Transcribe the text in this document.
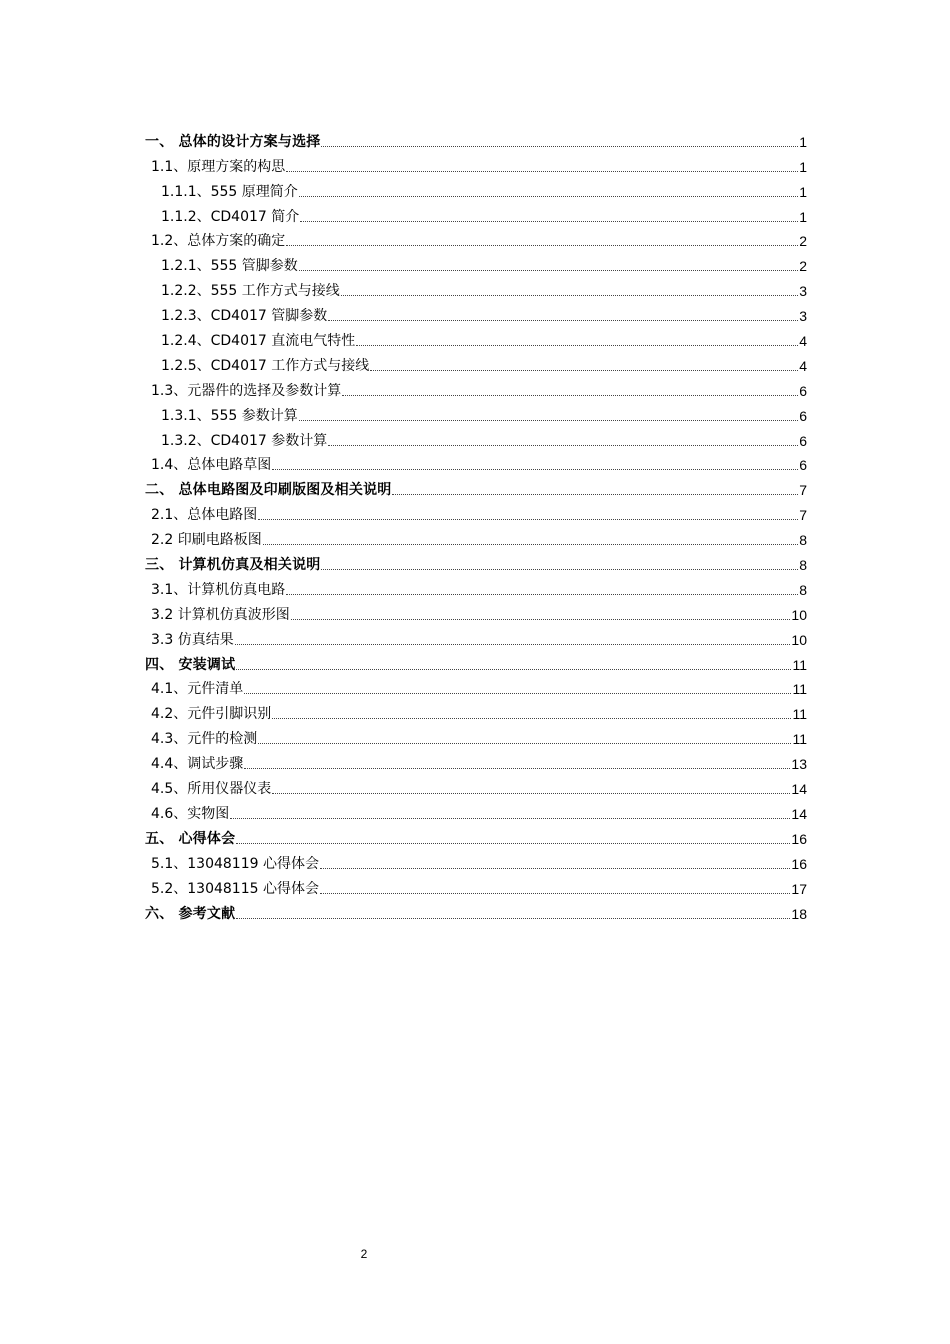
一、 总体的设计方案与选择	1
1.1、原理方案的构思	1
1.1.1、555 原理简介	1
1.1.2、CD4017 简介	1
1.2、总体方案的确定	2
1.2.1、555 管脚参数	2
1.2.2、555 工作方式与接线	3
1.2.3、CD4017 管脚参数	3
1.2.4、CD4017 直流电气特性	4
1.2.5、CD4017 工作方式与接线	4
1.3、元器件的选择及参数计算	6
1.3.1、555 参数计算	6
1.3.2、CD4017 参数计算	6
1.4、总体电路草图	6
二、 总体电路图及印刷版图及相关说明	7
2.1、总体电路图	7
2.2 印刷电路板图	8
三、 计算机仿真及相关说明	8
3.1、计算机仿真电路	8
3.2 计算机仿真波形图	10
3.3 仿真结果	10
四、 安装调试	11
4.1、元件清单	11
4.2、元件引脚识别	11
4.3、元件的检测	11
4.4、调试步骤	13
4.5、所用仪器仪表	14
4.6、实物图	14
五、 心得体会	16
5.1、13048119 心得体会	16
5.2、13048115 心得体会	17
六、 参考文献	18
2
